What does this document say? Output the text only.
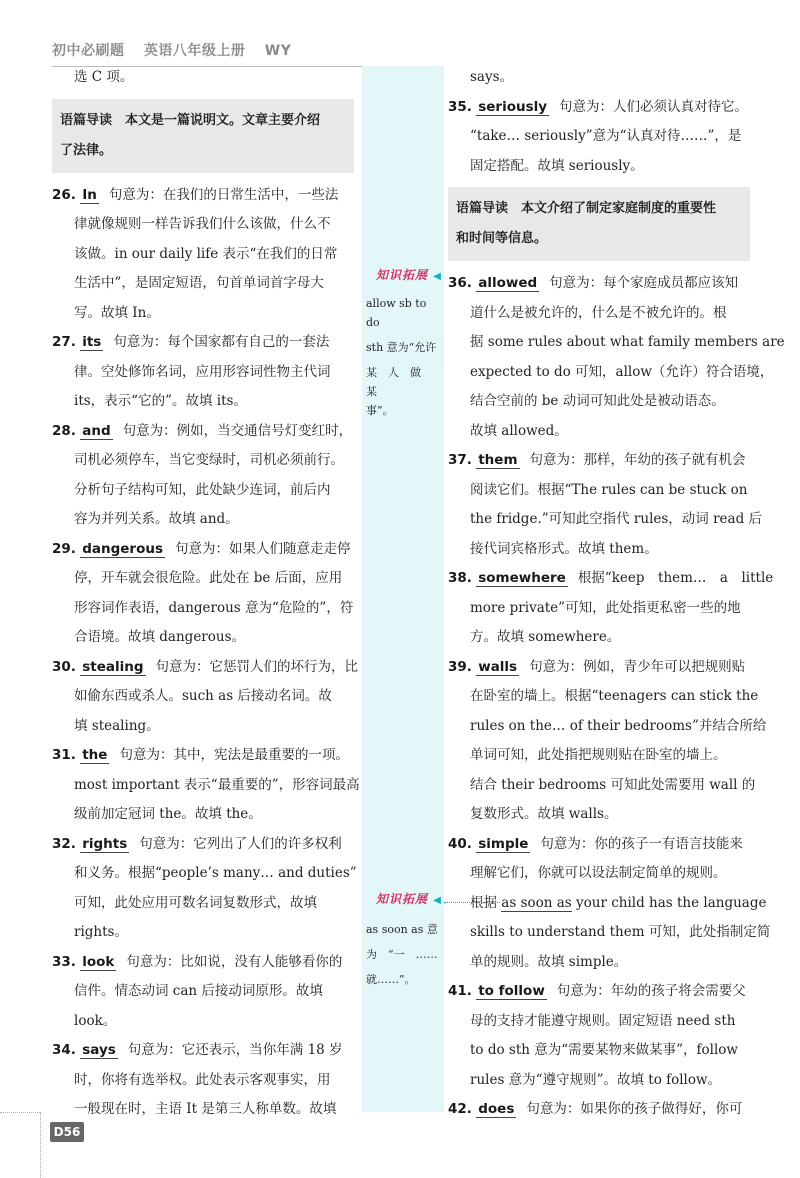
初中必刷题 英语八年级上册 WY
选 C 项。
语篇导读　本文是一篇说明文。文章主要介绍
了法律。
26. In 句意为：在我们的日常生活中，一些法
律就像规则一样告诉我们什么该做，什么不
该做。in our daily life 表示“在我们的日常
生活中”，是固定短语，句首单词首字母大
写。故填 In。
27. its 句意为：每个国家都有自己的一套法
律。空处修饰名词，应用形容词性物主代词
its，表示“它的”。故填 its。
28. and 句意为：例如，当交通信号灯变红时，
司机必须停车，当它变绿时，司机必须前行。
分析句子结构可知，此处缺少连词，前后内
容为并列关系。故填 and。
29. dangerous 句意为：如果人们随意走走停
停，开车就会很危险。此处在 be 后面，应用
形容词作表语，dangerous 意为“危险的”，符
合语境。故填 dangerous。
30. stealing 句意为：它惩罚人们的坏行为，比
如偷东西或杀人。such as 后接动名词。故
填 stealing。
31. the 句意为：其中，宪法是最重要的一项。
most important 表示“最重要的”，形容词最高
级前加定冠词 the。故填 the。
32. rights 句意为：它列出了人们的许多权利
和义务。根据“people’s many… and duties”
可知，此处应用可数名词复数形式，故填
rights。
33. look 句意为：比如说，没有人能够看你的
信件。情态动词 can 后接动词原形。故填
look。
34. says 句意为：它还表示，当你年满 18 岁
时，你将有选举权。此处表示客观事实，用
一般现在时，主语 It 是第三人称单数。故填
says。
35. seriously 句意为：人们必须认真对待它。
“take… seriously”意为“认真对待……”，是
固定搭配。故填 seriously。
语篇导读　本文介绍了制定家庭制度的重要性
和时间等信息。
36. allowed 句意为：每个家庭成员都应该知
道什么是被允许的，什么是不被允许的。根
据 some rules about what family members are
expected to do 可知，allow（允许）符合语境，
结合空前的 be 动词可知此处是被动语态。
故填 allowed。
37. them 句意为：那样，年幼的孩子就有机会
阅读它们。根据“The rules can be stuck on
the fridge.”可知此空指代 rules，动词 read 后
接代词宾格形式。故填 them。
38. somewhere 根据“keep　them…　a　little
more private”可知，此处指更私密一些的地
方。故填 somewhere。
39. walls 句意为：例如，青少年可以把规则贴
在卧室的墙上。根据“teenagers can stick the
rules on the… of their bedrooms”并结合所给
单词可知，此处指把规则贴在卧室的墙上。
结合 their bedrooms 可知此处需要用 wall 的
复数形式。故填 walls。
40. simple 句意为：你的孩子一有语言技能来
理解它们，你就可以设法制定简单的规则。
根据 as soon as your child has the language
skills to understand them 可知，此处指制定简
单的规则。故填 simple。
41. to follow 句意为：年幼的孩子将会需要父
母的支持才能遵守规则。固定短语 need sth
to do sth 意为“需要某物来做某事”，follow
rules 意为“遵守规则”。故填 to follow。
42. does 句意为：如果你的孩子做得好，你可
知识拓展 ◀
allow sb to do
sth 意为“允许
某　人　做　某
事”。
知识拓展 ◀
as soon as 意
为　“一　……
就……”。
D56
